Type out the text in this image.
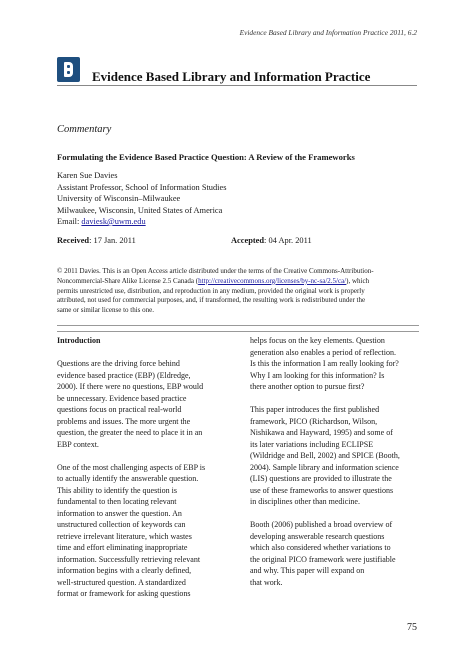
Evidence Based Library and Information Practice 2011, 6.2
Evidence Based Library and Information Practice
Commentary
Formulating the Evidence Based Practice Question: A Review of the Frameworks
Karen Sue Davies
Assistant Professor, School of Information Studies
University of Wisconsin–Milwaukee
Milwaukee, Wisconsin, United States of America
Email: daviesk@uwm.edu
Received: 17 Jan. 2011	Accepted: 04 Apr. 2011
© 2011 Davies. This is an Open Access article distributed under the terms of the Creative Commons‐Attribution‐
Noncommercial‐Share Alike License 2.5 Canada (http://creativecommons.org/licenses/by-nc-sa/2.5/ca/), which
permits unrestricted use, distribution, and reproduction in any medium, provided the original work is properly
attributed, not used for commercial purposes, and, if transformed, the resulting work is redistributed under the
same or similar license to this one.
Introduction
Questions are the driving force behind
evidence based practice (EBP) (Eldredge,
2000). If there were no questions, EBP would
be unnecessary. Evidence based practice
questions focus on practical real-world
problems and issues. The more urgent the
question, the greater the need to place it in an
EBP context.
One of the most challenging aspects of EBP is
to actually identify the answerable question.
This ability to identify the question is
fundamental to then locating relevant
information to answer the question. An
unstructured collection of keywords can
retrieve irrelevant literature, which wastes
time and effort eliminating inappropriate
information. Successfully retrieving relevant
information begins with a clearly defined,
well-structured question. A standardized
format or framework for asking questions
helps focus on the key elements. Question
generation also enables a period of reflection.
Is this the information I am really looking for?
Why I am looking for this information? Is
there another option to pursue first?
This paper introduces the first published
framework, PICO (Richardson, Wilson,
Nishikawa and Hayward, 1995) and some of
its later variations including ECLIPSE
(Wildridge and Bell, 2002) and SPICE (Booth,
2004). Sample library and information science
(LIS) questions are provided to illustrate the
use of these frameworks to answer questions
in disciplines other than medicine.
Booth (2006) published a broad overview of
developing answerable research questions
which also considered whether variations to
the original PICO framework were justifiable
and why. This paper will expand on
that work.
75
